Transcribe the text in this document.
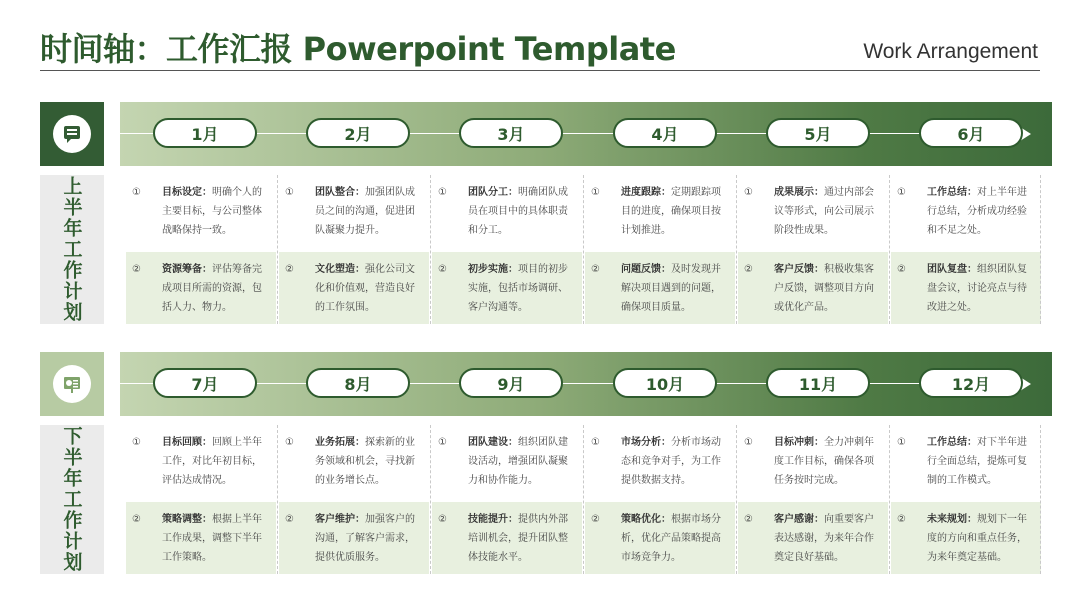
时间轴：工作汇报 Powerpoint Template	Work Arrangement
上半年工作计划
1月
①	目标设定：明确个人的主要目标，与公司整体战略保持一致。
②	资源筹备：评估筹备完成项目所需的资源，包括人力、物力。
2月
①	团队整合：加强团队成员之间的沟通，促进团队凝聚力提升。
②	文化塑造：强化公司文化和价值观，营造良好的工作氛围。
3月
①	团队分工：明确团队成员在项目中的具体职责和分工。
②	初步实施：项目的初步实施，包括市场调研、客户沟通等。
4月
①	进度跟踪：定期跟踪项目的进度，确保项目按计划推进。
②	问题反馈：及时发现并解决项目遇到的问题，确保项目质量。
5月
①	成果展示：通过内部会议等形式，向公司展示阶段性成果。
②	客户反馈：积极收集客户反馈，调整项目方向或优化产品。
6月
①	工作总结：对上半年进行总结，分析成功经验和不足之处。
②	团队复盘：组织团队复盘会议，讨论亮点与待改进之处。
下半年工作计划
7月
①	目标回顾：回顾上半年工作，对比年初目标，评估达成情况。
②	策略调整：根据上半年工作成果，调整下半年工作策略。
8月
①	业务拓展：探索新的业务领域和机会，寻找新的业务增长点。
②	客户维护：加强客户的沟通，了解客户需求，提供优质服务。
9月
①	团队建设：组织团队建设活动，增强团队凝聚力和协作能力。
②	技能提升：提供内外部培训机会，提升团队整体技能水平。
10月
①	市场分析：分析市场动态和竞争对手，为工作提供数据支持。
②	策略优化：根据市场分析，优化产品策略提高市场竞争力。
11月
①	目标冲刺：全力冲刺年度工作目标，确保各项任务按时完成。
②	客户感谢：向重要客户表达感谢，为来年合作奠定良好基础。
12月
①	工作总结：对下半年进行全面总结，提炼可复制的工作模式。
②	未来规划：规划下一年度的方向和重点任务，为来年奠定基础。
